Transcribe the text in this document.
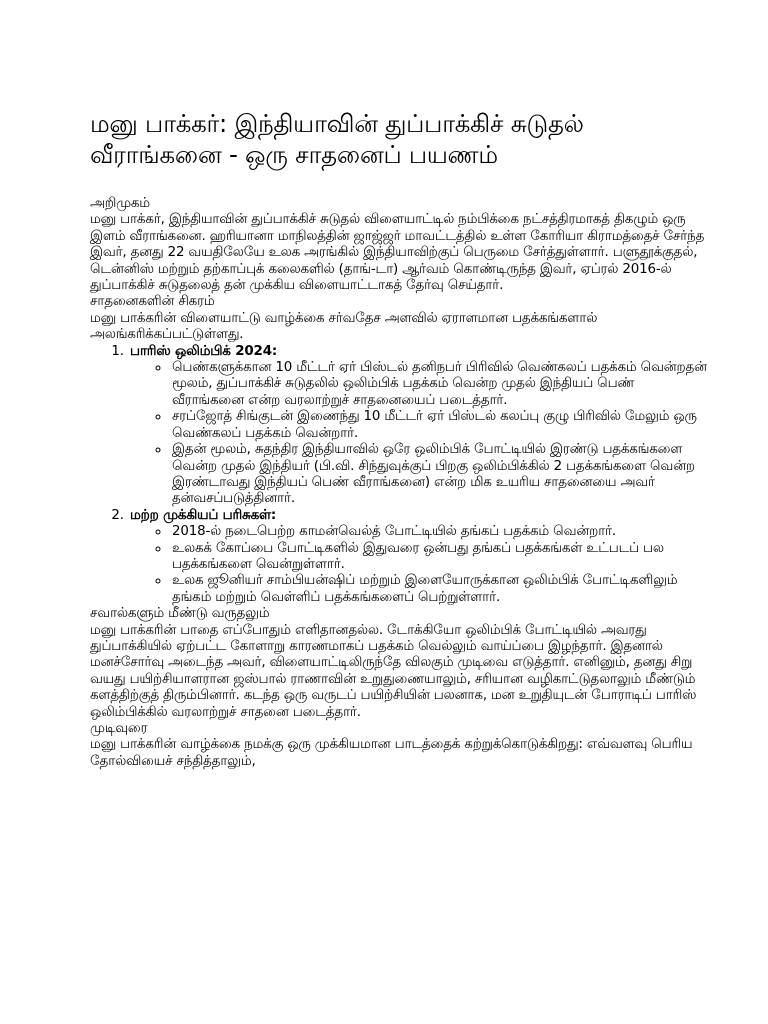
மனு பாக்கர்: இந்தியாவின் துப்பாக்கிச் சுடுதல் வீராங்கனை - ஒரு சாதனைப் பயணம்

அறிமுகம்

மனு பாக்கர், இந்தியாவின் துப்பாக்கிச் சுடுதல் விளையாட்டில் நம்பிக்கை நட்சத்திரமாகத் திகழும் ஒரு இளம் வீராங்கனை. ஹரியானா மாநிலத்தின் ஜாஜ்ஜர் மாவட்டத்தில் உள்ள கோரியா கிராமத்தைச் சேர்ந்த இவர், தனது 22 வயதிலேயே உலக அரங்கில் இந்தியாவிற்குப் பெருமை சேர்த்துள்ளார். பளுதூக்குதல், டென்னிஸ் மற்றும் தற்காப்புக் கலைகளில் (தாங்-டா) ஆர்வம் கொண்டிருந்த இவர், ஏப்ரல் 2016-ல் துப்பாக்கிச் சுடுதலைத் தன் முக்கிய விளையாட்டாகத் தேர்வு செய்தார்.

சாதனைகளின் சிகரம்

மனு பாக்கரின் விளையாட்டு வாழ்க்கை சர்வதேச அளவில் ஏராளமான பதக்கங்களால் அலங்கரிக்கப்பட்டுள்ளது.

1. பாரிஸ் ஒலிம்பிக் 2024:
◦ பெண்களுக்கான 10 மீட்டர் ஏர் பிஸ்டல் தனிநபர் பிரிவில் வெண்கலப் பதக்கம் வென்றதன் மூலம், துப்பாக்கிச் சுடுதலில் ஒலிம்பிக் பதக்கம் வென்ற முதல் இந்தியப் பெண் வீராங்கனை என்ற வரலாற்றுச் சாதனையைப் படைத்தார்.
◦ சரப்ஜோத் சிங்குடன் இணைந்து 10 மீட்டர் ஏர் பிஸ்டல் கலப்பு குழு பிரிவில் மேலும் ஒரு வெண்கலப் பதக்கம் வென்றார்.
◦ இதன் மூலம், சுதந்திர இந்தியாவில் ஒரே ஒலிம்பிக் போட்டியில் இரண்டு பதக்கங்களை வென்ற முதல் இந்தியர் (பி.வி. சிந்துவுக்குப் பிறகு ஒலிம்பிக்கில் 2 பதக்கங்களை வென்ற இரண்டாவது இந்தியப் பெண் வீராங்கனை) என்ற மிக உயரிய சாதனையை அவர் தன்வசப்படுத்தினார்.
2. மற்ற முக்கியப் பரிசுகள்:
◦ 2018-ல் நடைபெற்ற காமன்வெல்த் போட்டியில் தங்கப் பதக்கம் வென்றார்.
◦ உலகக் கோப்பை போட்டிகளில் இதுவரை ஒன்பது தங்கப் பதக்கங்கள் உட்படப் பல பதக்கங்களை வென்றுள்ளார்.
◦ உலக ஜூனியர் சாம்பியன்ஷிப் மற்றும் இளையோருக்கான ஒலிம்பிக் போட்டிகளிலும் தங்கம் மற்றும் வெள்ளிப் பதக்கங்களைப் பெற்றுள்ளார்.

சவால்களும் மீண்டு வருதலும்

மனு பாக்கரின் பாதை எப்போதும் எளிதானதல்ல. டோக்கியோ ஒலிம்பிக் போட்டியில் அவரது துப்பாக்கியில் ஏற்பட்ட கோளாறு காரணமாகப் பதக்கம் வெல்லும் வாய்ப்பை இழந்தார். இதனால் மனச்சோர்வு அடைந்த அவர், விளையாட்டிலிருந்தே விலகும் முடிவை எடுத்தார். எனினும், தனது சிறு வயது பயிற்சியாளரான ஜஸ்பால் ராணாவின் உறுதுணையாலும், சரியான வழிகாட்டுதலாலும் மீண்டும் களத்திற்குத் திரும்பினார். கடந்த ஒரு வருடப் பயிற்சியின் பலனாக, மன உறுதியுடன் போராடிப் பாரிஸ் ஒலிம்பிக்கில் வரலாற்றுச் சாதனை படைத்தார்.

முடிவுரை

மனு பாக்கரின் வாழ்க்கை நமக்கு ஒரு முக்கியமான பாடத்தைக் கற்றுக்கொடுக்கிறது: எவ்வளவு பெரிய தோல்வியைச் சந்தித்தாலும்,
